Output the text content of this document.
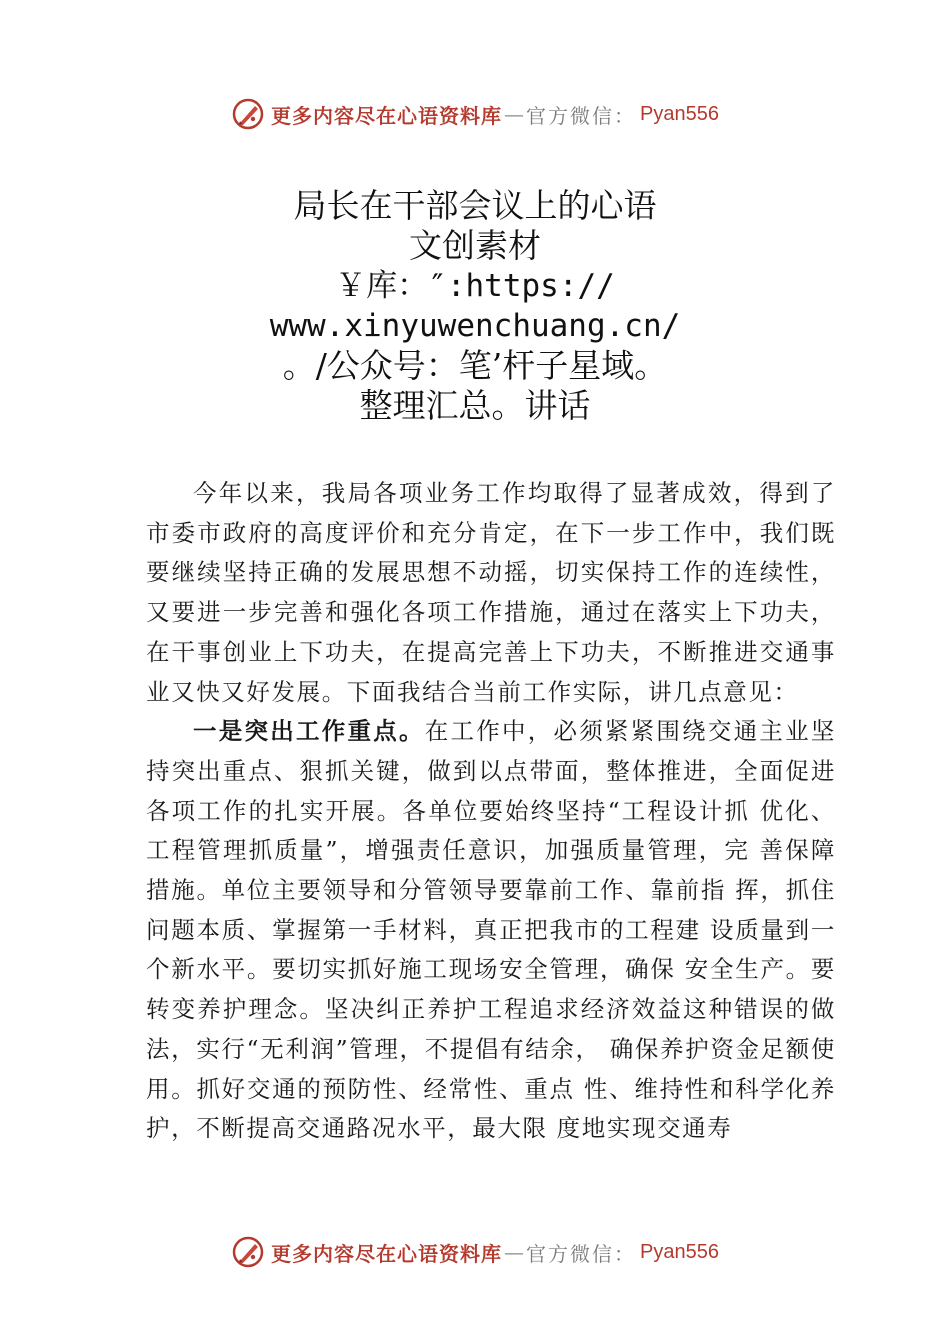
更多内容尽在心语资料库 — 官方微信： Pyan556
局长在干部会议上的心语
文创素材
￥库：″:https://
www.xinyuwenchuang.cn/
。/公众号：笔’杆子星域。
整理汇总。讲话

今年以来，我局各项业务工作均取得了显著成效，得到了市委市政府的高度评价和充分肯定，在下一步工作中，我们既要继续坚持正确的发展思想不动摇，切实保持工作的连续性，又要进一步完善和强化各项工作措施，通过在落实上下功夫，在干事创业上下功夫，在提高完善上下功夫，不断推进交通事业又快又好发展。下面我结合当前工作实际，讲几点意见：

一是突出工作重点。在工作中，必须紧紧围绕交通主业坚持突出重点、狠抓关键，做到以点带面，整体推进，全面促进各项工作的扎实开展。各单位要始终坚持“工程设计抓 优化、工程管理抓质量”，增强责任意识，加强质量管理，完 善保障措施。单位主要领导和分管领导要靠前工作、靠前指 挥，抓住问题本质、掌握第一手材料，真正把我市的工程建 设质量到一个新水平。要切实抓好施工现场安全管理，确保 安全生产。要转变养护理念。坚决纠正养护工程追求经济效益这种错误的做法，实行“无利润”管理，不提倡有结余， 确保养护资金足额使用。抓好交通的预防性、经常性、重点 性、维持性和科学化养护，不断提高交通路况水平，最大限 度地实现交通寿

更多内容尽在心语资料库 — 官方微信： Pyan556
